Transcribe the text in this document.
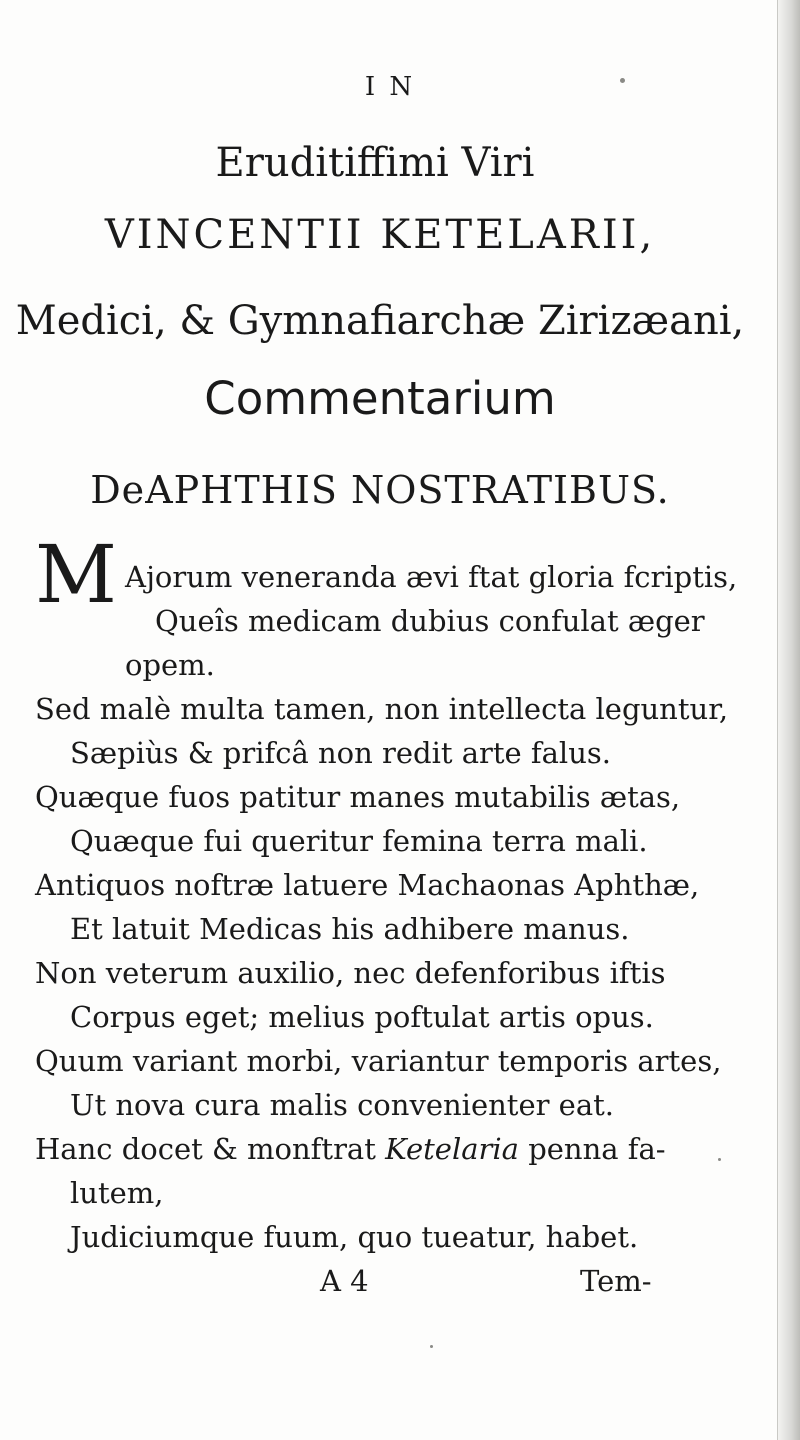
I N
Eruditiffimi Viri
VINCENTII KETELARII,
Medici, & Gymnafiarchæ Zirizæani,
Commentarium
DeAPHTHIS NOSTRATIBUS.
M Ajorum veneranda ævi ftat gloria fcriptis,
Queîs medicam dubius confulat æger
opem.
Sed malè multa tamen, non intellecta leguntur,
Sæpiùs & prifcâ non redit arte falus.
Quæque fuos patitur manes mutabilis ætas,
Quæque fui queritur femina terra mali.
Antiquos noftræ latuere Machaonas Aphthæ,
Et latuit Medicas his adhibere manus.
Non veterum auxilio, nec defenforibus iftis
Corpus eget; melius poftulat artis opus.
Quum variant morbi, variantur temporis artes,
Ut nova cura malis convenienter eat.
Hanc docet & monftrat Ketelaria penna fa-
lutem,
Judiciumque fuum, quo tueatur, habet.
A 4	Tem-
